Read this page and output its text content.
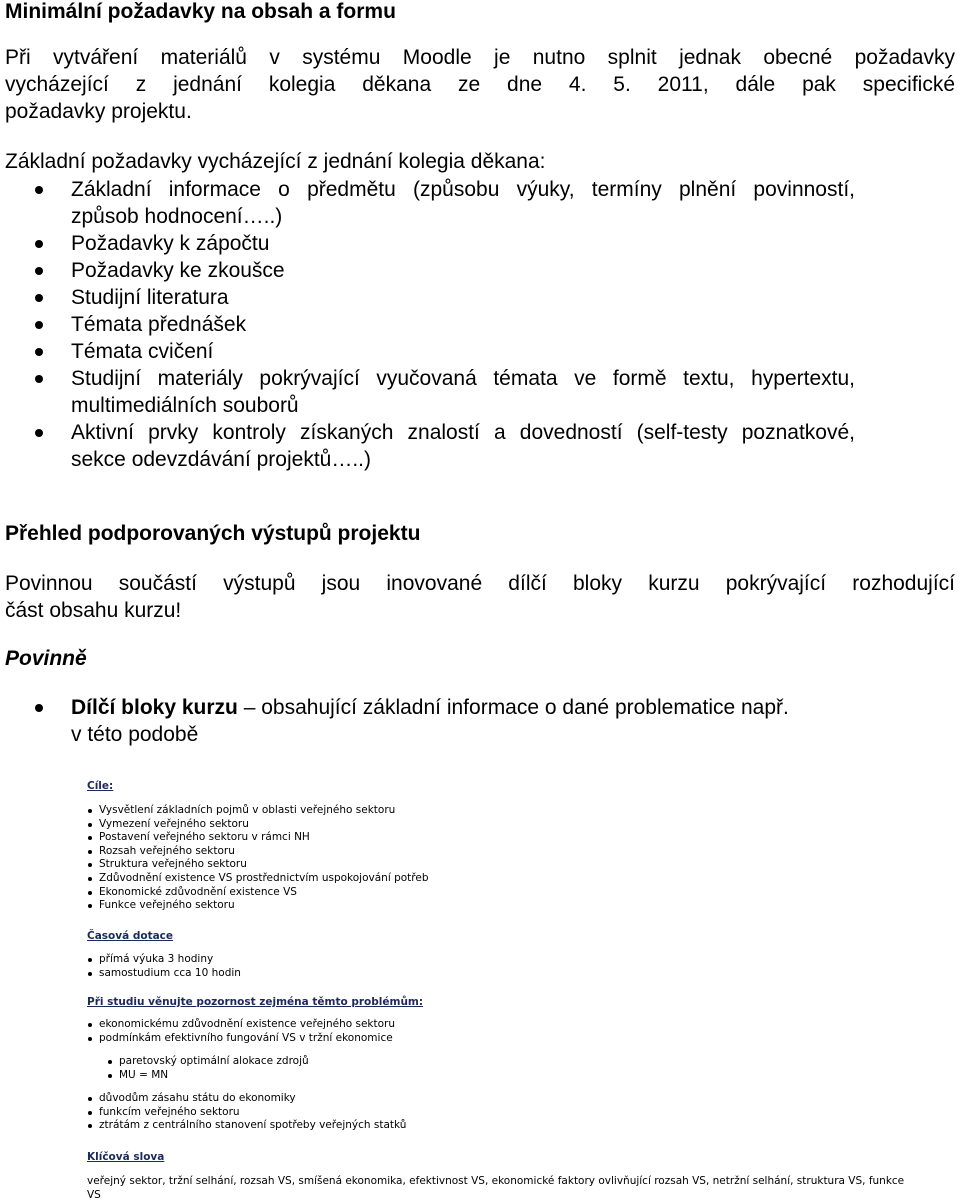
Minimální požadavky na obsah a formu
Při vytváření materiálů v systému Moodle je nutno splnit jednak obecné požadavky
vycházející z jednání kolegia děkana ze dne 4. 5. 2011, dále pak specifické
požadavky projektu.
Základní požadavky vycházející z jednání kolegia děkana:
Základní informace o předmětu (způsobu výuky, termíny plnění povinností,
způsob hodnocení…..)
Požadavky k zápočtu
Požadavky ke zkoušce
Studijní literatura
Témata přednášek
Témata cvičení
Studijní materiály pokrývající vyučovaná témata ve formě textu, hypertextu,
multimediálních souborů
Aktivní prvky kontroly získaných znalostí a dovedností (self-testy poznatkové,
sekce odevzdávání projektů…..)
Přehled podporovaných výstupů projektu
Povinnou součástí výstupů jsou inovované dílčí bloky kurzu pokrývající rozhodující
část obsahu kurzu!
Povinně
Dílčí bloky kurzu – obsahující základní informace o dané problematice např.
v této podobě
Cíle:
Vysvětlení základních pojmů v oblasti veřejného sektoru
Vymezení veřejného sektoru
Postavení veřejného sektoru v rámci NH
Rozsah veřejného sektoru
Struktura veřejného sektoru
Zdůvodnění existence VS prostřednictvím uspokojování potřeb
Ekonomické zdůvodnění existence VS
Funkce veřejného sektoru
Časová dotace
přímá výuka 3 hodiny
samostudium cca 10 hodin
Při studiu věnujte pozornost zejména těmto problémům:
ekonomickému zdůvodnění existence veřejného sektoru
podmínkám efektivního fungování VS v tržní ekonomice
paretovský optimální alokace zdrojů
MU = MN
důvodům zásahu státu do ekonomiky
funkcím veřejného sektoru
ztrátám z centrálního stanovení spotřeby veřejných statků
Klíčová slova
veřejný sektor, tržní selhání, rozsah VS, smíšená ekonomika, efektivnost VS, ekonomické faktory ovlivňující rozsah VS, netržní selhání, struktura VS, funkce
VS
